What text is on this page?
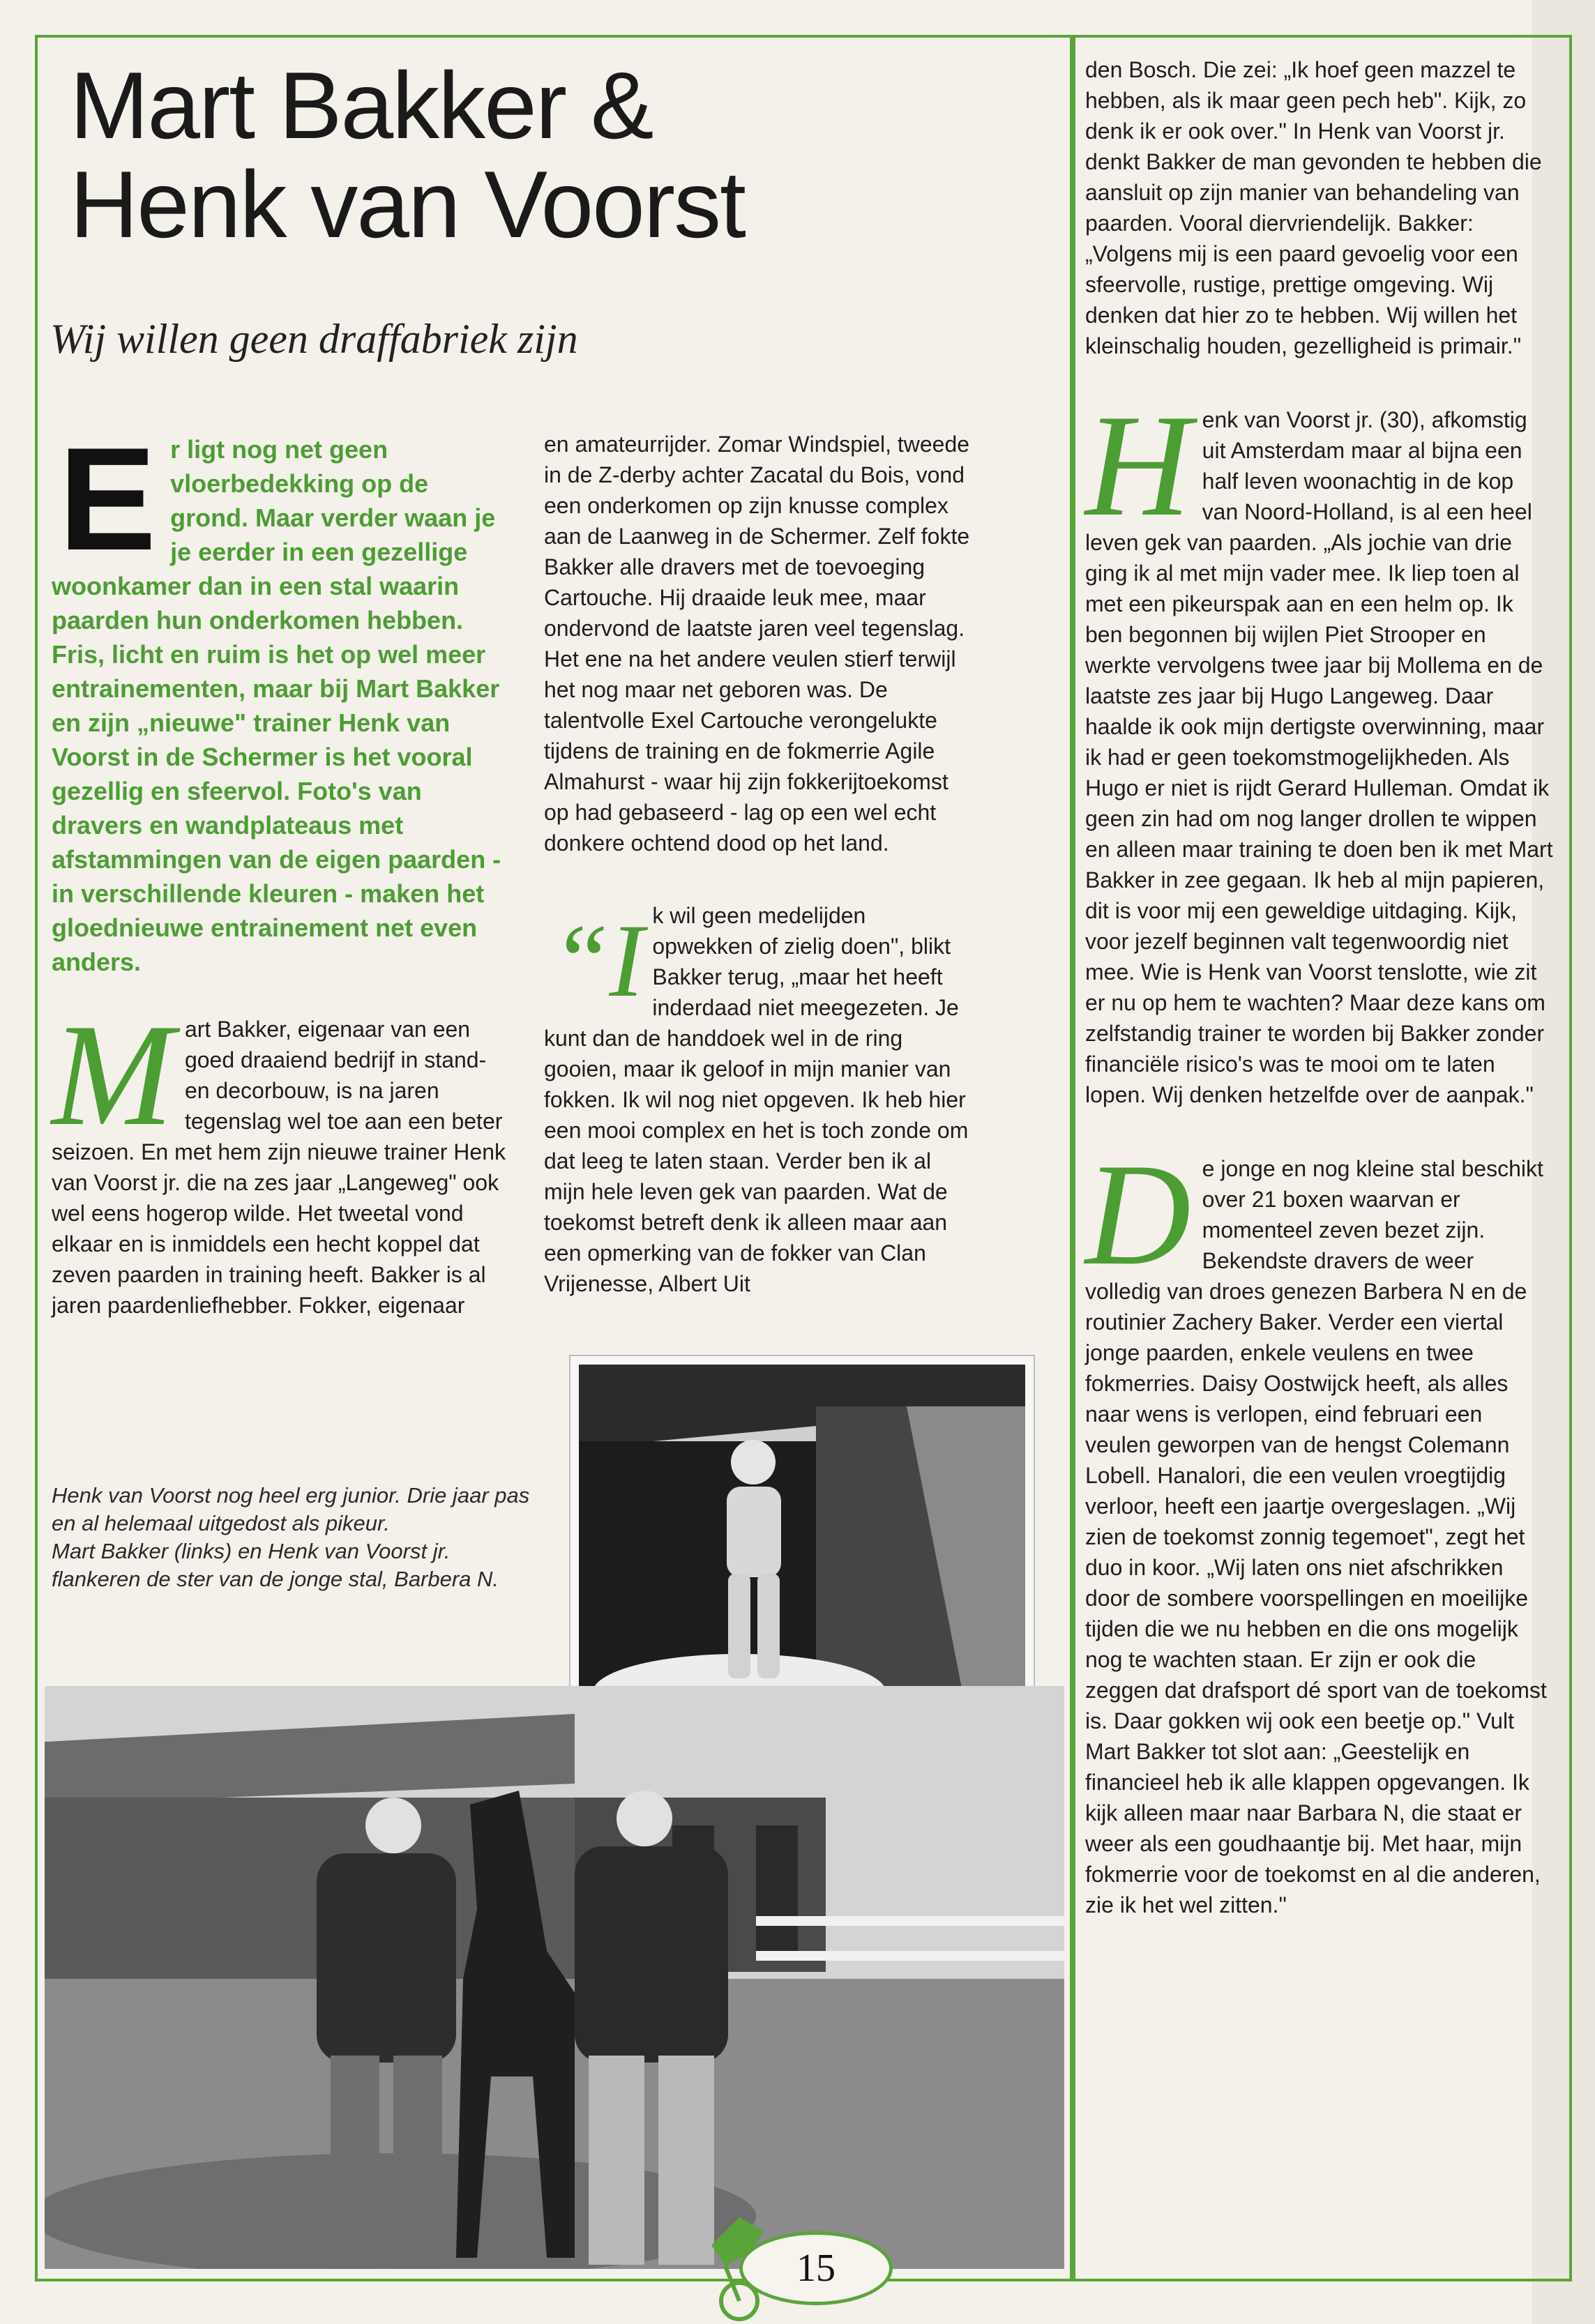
Mart Bakker &
Henk van Voorst
Wij willen geen draffabriek zijn

Er ligt nog net geen vloerbedekking op de grond. Maar verder waan je je eerder in een gezellige woonkamer dan in een stal waarin paarden hun onderkomen hebben. Fris, licht en ruim is het op wel meer entrainementen, maar bij Mart Bakker en zijn „nieuwe" trainer Henk van Voorst in de Schermer is het vooral gezellig en sfeervol. Foto's van dravers en wandplateaus met afstammingen van de eigen paarden - in verschillende kleuren - maken het gloednieuwe entrainement net even anders.

Mart Bakker, eigenaar van een goed draaiend bedrijf in stand- en decorbouw, is na jaren tegenslag wel toe aan een beter seizoen. En met hem zijn nieuwe trainer Henk van Voorst jr. die na zes jaar „Langeweg" ook wel eens hogerop wilde. Het tweetal vond elkaar en is inmiddels een hecht koppel dat zeven paarden in training heeft. Bakker is al jaren paardenliefhebber. Fokker, eigenaar

Henk van Voorst nog heel erg junior. Drie jaar pas en al helemaal uitgedost als pikeur.

Mart Bakker (links) en Henk van Voorst jr. flankeren de ster van de jonge stal, Barbera N.

en amateurrijder. Zomar Windspiel, tweede in de Z-derby achter Zacatal du Bois, vond een onderkomen op zijn knusse complex aan de Laanweg in de Schermer. Zelf fokte Bakker alle dravers met de toevoeging Cartouche. Hij draaide leuk mee, maar ondervond de laatste jaren veel tegenslag. Het ene na het andere veulen stierf terwijl het nog maar net geboren was. De talentvolle Exel Cartouche verongelukte tijdens de training en de fokmerrie Agile Almahurst - waar hij zijn fokkerijtoekomst op had gebaseerd - lag op een wel echt donkere ochtend dood op het land.

“Ik wil geen medelijden opwekken of zielig doen", blikt Bakker terug, „maar het heeft inderdaad niet meegezeten. Je kunt dan de handdoek wel in de ring gooien, maar ik geloof in mijn manier van fokken. Ik wil nog niet opgeven. Ik heb hier een mooi complex en het is toch zonde om dat leeg te laten staan. Verder ben ik al mijn hele leven gek van paarden. Wat de toekomst betreft denk ik alleen maar aan een opmerking van de fokker van Clan Vrijenesse, Albert Uit

den Bosch. Die zei: „Ik hoef geen mazzel te hebben, als ik maar geen pech heb". Kijk, zo denk ik er ook over." In Henk van Voorst jr. denkt Bakker de man gevonden te hebben die aansluit op zijn manier van behandeling van paarden. Vooral diervriendelijk. Bakker: „Volgens mij is een paard gevoelig voor een sfeervolle, rustige, prettige omgeving. Wij denken dat hier zo te hebben. Wij willen het kleinschalig houden, gezelligheid is primair."

Henk van Voorst jr. (30), afkomstig uit Amsterdam maar al bijna een half leven woonachtig in de kop van Noord-Holland, is al een heel leven gek van paarden. „Als jochie van drie ging ik al met mijn vader mee. Ik liep toen al met een pikeurspak aan en een helm op. Ik ben begonnen bij wijlen Piet Strooper en werkte vervolgens twee jaar bij Mollema en de laatste zes jaar bij Hugo Langeweg. Daar haalde ik ook mijn dertigste overwinning, maar ik had er geen toekomstmogelijkheden. Als Hugo er niet is rijdt Gerard Hulleman. Omdat ik geen zin had om nog langer drollen te wippen en alleen maar training te doen ben ik met Mart Bakker in zee gegaan. Ik heb al mijn papieren, dit is voor mij een geweldige uitdaging. Kijk, voor jezelf beginnen valt tegenwoordig niet mee. Wie is Henk van Voorst tenslotte, wie zit er nu op hem te wachten? Maar deze kans om zelfstandig trainer te worden bij Bakker zonder financiële risico's was te mooi om te laten lopen. Wij denken hetzelfde over de aanpak."

De jonge en nog kleine stal beschikt over 21 boxen waarvan er momenteel zeven bezet zijn. Bekendste dravers de weer volledig van droes genezen Barbera N en de routinier Zachery Baker. Verder een viertal jonge paarden, enkele veulens en twee fokmerries. Daisy Oostwijck heeft, als alles naar wens is verlopen, eind februari een veulen geworpen van de hengst Colemann Lobell. Hanalori, die een veulen vroegtijdig verloor, heeft een jaartje overgeslagen. „Wij zien de toekomst zonnig tegemoet", zegt het duo in koor. „Wij laten ons niet afschrikken door de sombere voorspellingen en moeilijke tijden die we nu hebben en die ons mogelijk nog te wachten staan. Er zijn er ook die zeggen dat drafsport dé sport van de toekomst is. Daar gokken wij ook een beetje op." Vult Mart Bakker tot slot aan: „Geestelijk en financieel heb ik alle klappen opgevangen. Ik kijk alleen maar naar Barbara N, die staat er weer als een goudhaantje bij. Met haar, mijn fokmerrie voor de toekomst en al die anderen, zie ik het wel zitten."

15
